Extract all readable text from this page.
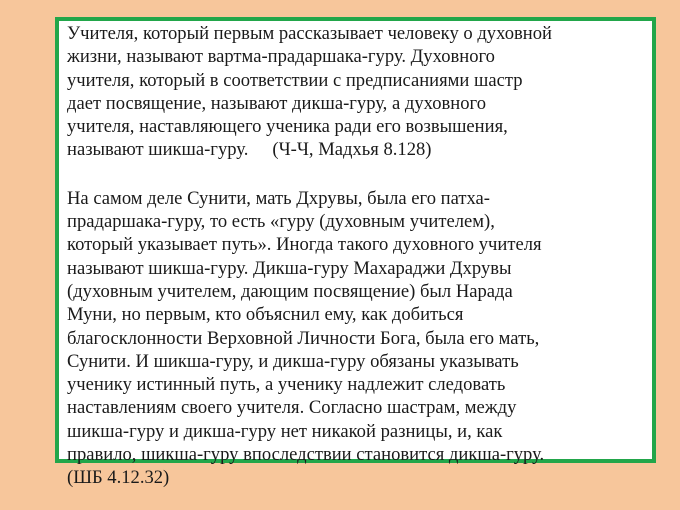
Учителя, который первым рассказывает человеку о духовной
жизни, называют вартма-прадаршака-гуру. Духовного
учителя, который в соответствии с предписаниями шастр
дает посвящение, называют дикша-гуру, а духовного
учителя, наставляющего ученика ради его возвышения,
называют шикша-гуру. (Ч-Ч, Мадхья 8.128)

На самом деле Сунити, мать Дхрувы, была его патха-
прадаршака-гуру, то есть «гуру (духовным учителем),
который указывает путь». Иногда такого духовного учителя
называют шикша-гуру. Дикша-гуру Махараджи Дхрувы
(духовным учителем, дающим посвящение) был Нарада
Муни, но первым, кто объяснил ему, как добиться
благосклонности Верховной Личности Бога, была его мать,
Сунити. И шикша-гуру, и дикша-гуру обязаны указывать
ученику истинный путь, а ученику надлежит следовать
наставлениям своего учителя. Согласно шастрам, между
шикша-гуру и дикша-гуру нет никакой разницы, и, как
правило, шикша-гуру впоследствии становится дикша-гуру.
(ШБ 4.12.32)
